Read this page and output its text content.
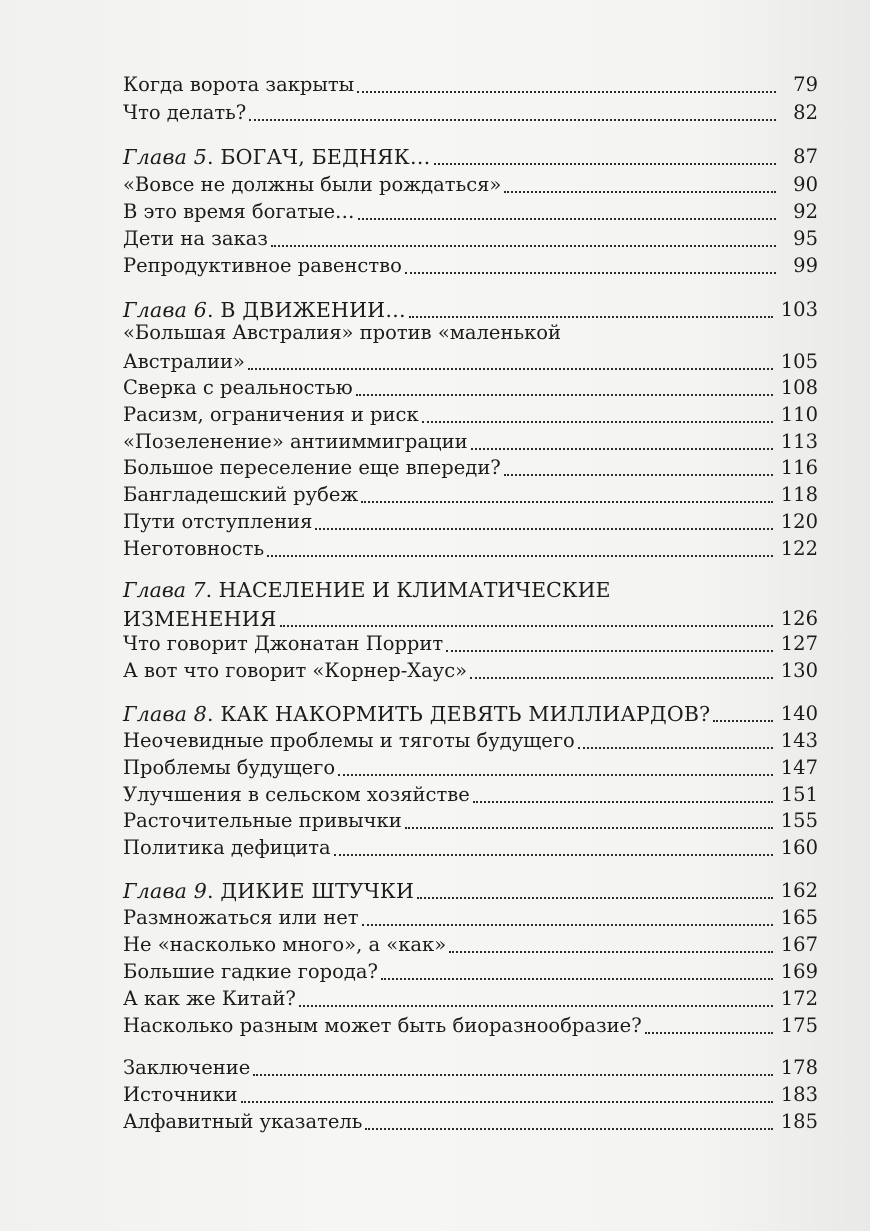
Когда ворота закрыты	79
Что делать?	82
Глава 5. БОГАЧ, БЕДНЯК…	87
«Вовсе не должны были рождаться»	90
В это время богатые…	92
Дети на заказ	95
Репродуктивное равенство	99
Глава 6. В ДВИЖЕНИИ…	103
«Большая Австралия» против «маленькой
Австралии»	105
Сверка с реальностью	108
Расизм, ограничения и риск	110
«Позеленение» антииммиграции	113
Большое переселение еще впереди?	116
Бангладешский рубеж	118
Пути отступления	120
Неготовность	122
Глава 7. НАСЕЛЕНИЕ И КЛИМАТИЧЕСКИЕ
ИЗМЕНЕНИЯ	126
Что говорит Джонатан Поррит	127
А вот что говорит «Корнер-Хаус»	130
Глава 8. КАК НАКОРМИТЬ ДЕВЯТЬ МИЛЛИАРДОВ?	140
Неочевидные проблемы и тяготы будущего	143
Проблемы будущего	147
Улучшения в сельском хозяйстве	151
Расточительные привычки	155
Политика дефицита	160
Глава 9. ДИКИЕ ШТУЧКИ	162
Размножаться или нет	165
Не «насколько много», а «как»	167
Большие гадкие города?	169
А как же Китай?	172
Насколько разным может быть биоразнообразие?	175
Заключение	178
Источники	183
Алфавитный указатель	185
